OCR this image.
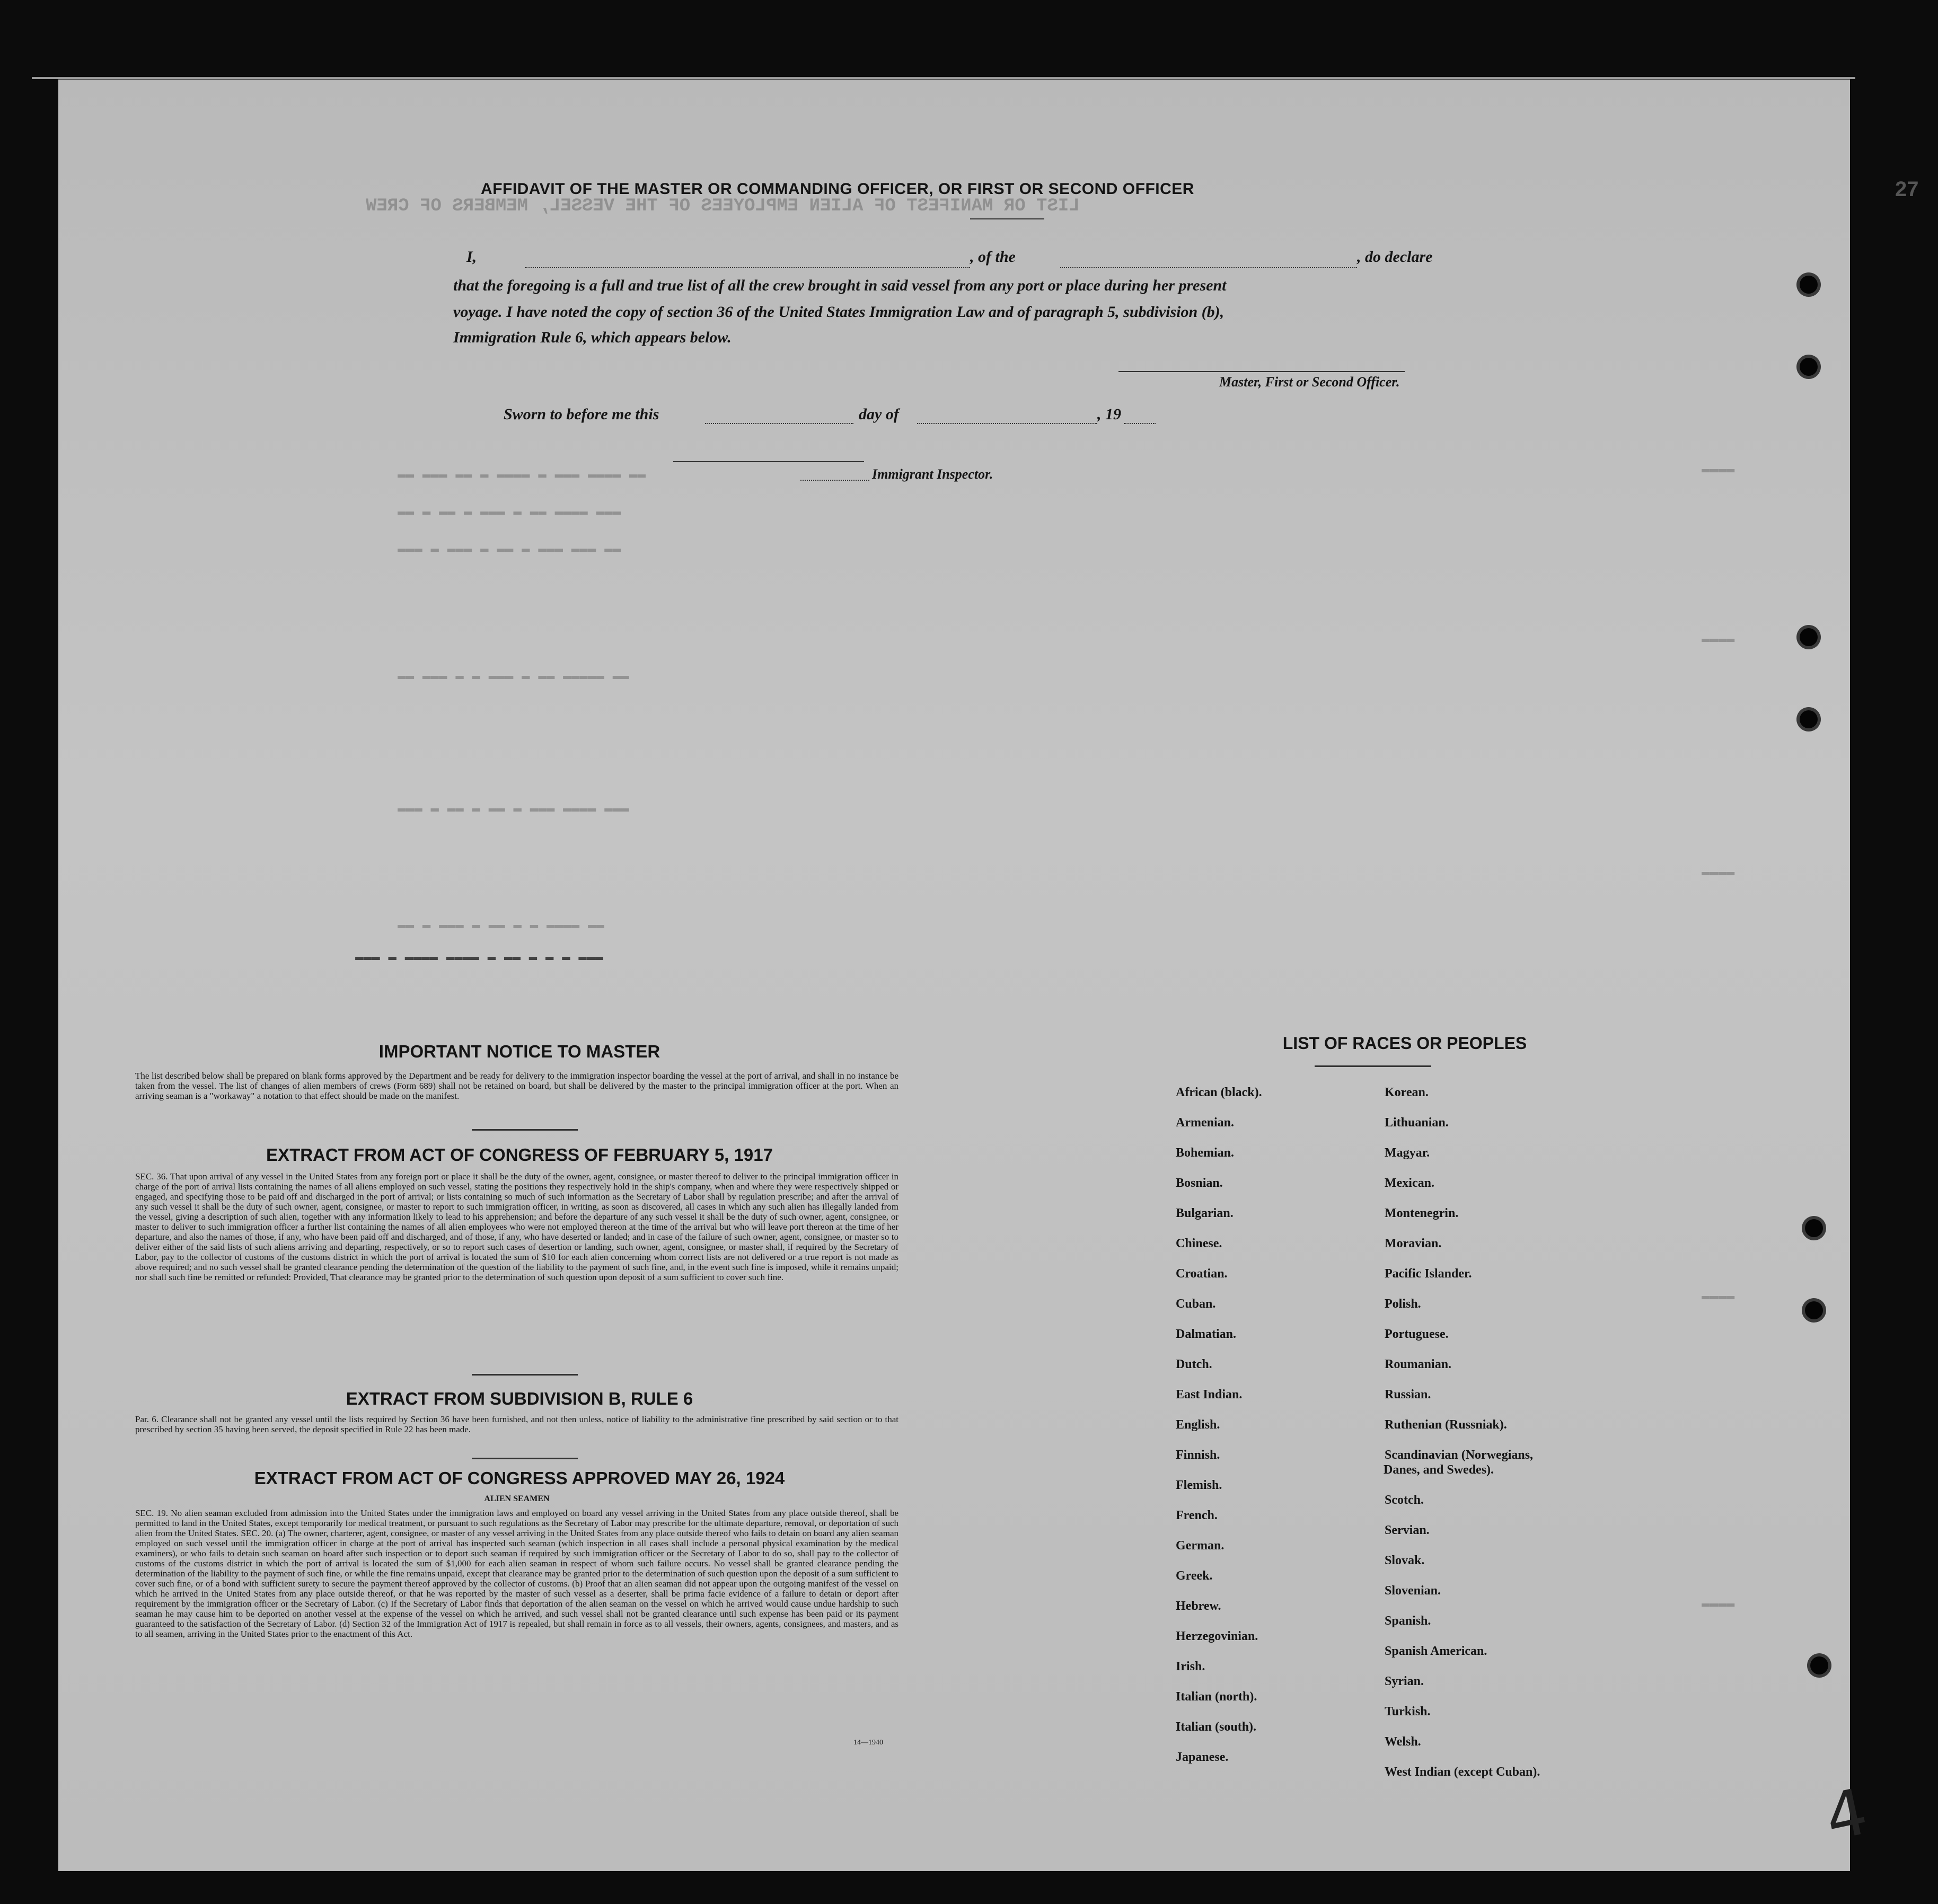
LIST OR MANIFEST OF ALIEN EMPLOYEES OF THE VESSEL, MEMBERS OF CREW
▬▬ ▬▬▬ ▬▬ ▬ ▬▬▬▬ ▬ ▬▬▬ ▬▬▬▬ ▬▬
▬▬ ▬ ▬▬ ▬ ▬▬▬ ▬ ▬▬ ▬▬▬▬ ▬▬▬
▬▬▬ ▬ ▬▬▬ ▬ ▬▬ ▬ ▬▬▬ ▬▬▬ ▬▬
▬▬ ▬▬▬ ▬ ▬ ▬▬▬ ▬ ▬▬ ▬▬▬▬▬ ▬▬
▬▬▬ ▬ ▬▬ ▬ ▬▬ ▬ ▬▬▬ ▬▬▬▬ ▬▬▬
▬▬ ▬ ▬▬▬ ▬ ▬▬ ▬ ▬ ▬▬▬▬ ▬▬
▬▬▬ ▬ ▬▬▬▬ ▬▬▬▬ ▬ ▬▬ ▬ ▬ ▬ ▬▬▬
▬▬▬▬
▬▬▬▬
▬▬▬▬
▬▬▬▬
▬▬▬▬
27
AFFIDAVIT OF THE MASTER OR COMMANDING OFFICER, OR FIRST OR SECOND OFFICER
I,	, of the	, do declare
that the foregoing is a full and true list of all the crew brought in said vessel from any port or place during her present
voyage. I have noted the copy of section 36 of the United States Immigration Law and of paragraph 5, subdivision (b),
Immigration Rule 6, which appears below.
Master, First or Second Officer.
Sworn to before me this	day of	, 19
Immigrant Inspector.
IMPORTANT NOTICE TO MASTER
The list described below shall be prepared on blank forms approved by the Department and be ready for delivery to the immigration inspector boarding the vessel at the port of arrival, and shall in no instance be taken from the vessel. The list of changes of alien members of crews (Form 689) shall not be retained on board, but shall be delivered by the master to the principal immigration officer at the port. When an arriving seaman is a "workaway" a notation to that effect should be made on the manifest.
EXTRACT FROM ACT OF CONGRESS OF FEBRUARY 5, 1917
SEC. 36. That upon arrival of any vessel in the United States from any foreign port or place it shall be the duty of the owner, agent, consignee, or master thereof to deliver to the principal immigration officer in charge of the port of arrival lists containing the names of all aliens employed on such vessel, stating the positions they respectively hold in the ship's company, when and where they were respectively shipped or engaged, and specifying those to be paid off and discharged in the port of arrival; or lists containing so much of such information as the Secretary of Labor shall by regulation prescribe; and after the arrival of any such vessel it shall be the duty of such owner, agent, consignee, or master to report to such immigration officer, in writing, as soon as discovered, all cases in which any such alien has illegally landed from the vessel, giving a description of such alien, together with any information likely to lead to his apprehension; and before the departure of any such vessel it shall be the duty of such owner, agent, consignee, or master to deliver to such immigration officer a further list containing the names of all alien employees who were not employed thereon at the time of the arrival but who will leave port thereon at the time of her departure, and also the names of those, if any, who have been paid off and discharged, and of those, if any, who have deserted or landed; and in case of the failure of such owner, agent, consignee, or master so to deliver either of the said lists of such aliens arriving and departing, respectively, or so to report such cases of desertion or landing, such owner, agent, consignee, or master shall, if required by the Secretary of Labor, pay to the collector of customs of the customs district in which the port of arrival is located the sum of $10 for each alien concerning whom correct lists are not delivered or a true report is not made as above required; and no such vessel shall be granted clearance pending the determination of the question of the liability to the payment of such fine, and, in the event such fine is imposed, while it remains unpaid; nor shall such fine be remitted or refunded: Provided, That clearance may be granted prior to the determination of such question upon deposit of a sum sufficient to cover such fine.
EXTRACT FROM SUBDIVISION B, RULE 6
Par. 6. Clearance shall not be granted any vessel until the lists required by Section 36 have been furnished, and not then unless, notice of liability to the administrative fine prescribed by said section or to that prescribed by section 35 having been served, the deposit specified in Rule 22 has been made.
EXTRACT FROM ACT OF CONGRESS APPROVED MAY 26, 1924
ALIEN SEAMEN
SEC. 19. No alien seaman excluded from admission into the United States under the immigration laws and employed on board any vessel arriving in the United States from any place outside thereof, shall be permitted to land in the United States, except temporarily for medical treatment, or pursuant to such regulations as the Secretary of Labor may prescribe for the ultimate departure, removal, or deportation of such alien from the United States. SEC. 20. (a) The owner, charterer, agent, consignee, or master of any vessel arriving in the United States from any place outside thereof who fails to detain on board any alien seaman employed on such vessel until the immigration officer in charge at the port of arrival has inspected such seaman (which inspection in all cases shall include a personal physical examination by the medical examiners), or who fails to detain such seaman on board after such inspection or to deport such seaman if required by such immigration officer or the Secretary of Labor to do so, shall pay to the collector of customs of the customs district in which the port of arrival is located the sum of $1,000 for each alien seaman in respect of whom such failure occurs. No vessel shall be granted clearance pending the determination of the liability to the payment of such fine, or while the fine remains unpaid, except that clearance may be granted prior to the determination of such question upon the deposit of a sum sufficient to cover such fine, or of a bond with sufficient surety to secure the payment thereof approved by the collector of customs. (b) Proof that an alien seaman did not appear upon the outgoing manifest of the vessel on which he arrived in the United States from any place outside thereof, or that he was reported by the master of such vessel as a deserter, shall be prima facie evidence of a failure to detain or deport after requirement by the immigration officer or the Secretary of Labor. (c) If the Secretary of Labor finds that deportation of the alien seaman on the vessel on which he arrived would cause undue hardship to such seaman he may cause him to be deported on another vessel at the expense of the vessel on which he arrived, and such vessel shall not be granted clearance until such expense has been paid or its payment guaranteed to the satisfaction of the Secretary of Labor. (d) Section 32 of the Immigration Act of 1917 is repealed, but shall remain in force as to all vessels, their owners, agents, consignees, and masters, and as to all seamen, arriving in the United States prior to the enactment of this Act.
14—1940
LIST OF RACES OR PEOPLES
African (black).
Armenian.
Bohemian.
Bosnian.
Bulgarian.
Chinese.
Croatian.
Cuban.
Dalmatian.
Dutch.
East Indian.
English.
Finnish.
Flemish.
French.
German.
Greek.
Hebrew.
Herzegovinian.
Irish.
Italian (north).
Italian (south).
Japanese.
Korean.
Lithuanian.
Magyar.
Mexican.
Montenegrin.
Moravian.
Pacific Islander.
Polish.
Portuguese.
Roumanian.
Russian.
Ruthenian (Russniak).
Scandinavian (Norwegians,
Danes, and Swedes).
Scotch.
Servian.
Slovak.
Slovenian.
Spanish.
Spanish American.
Syrian.
Turkish.
Welsh.
West Indian (except Cuban).
4
